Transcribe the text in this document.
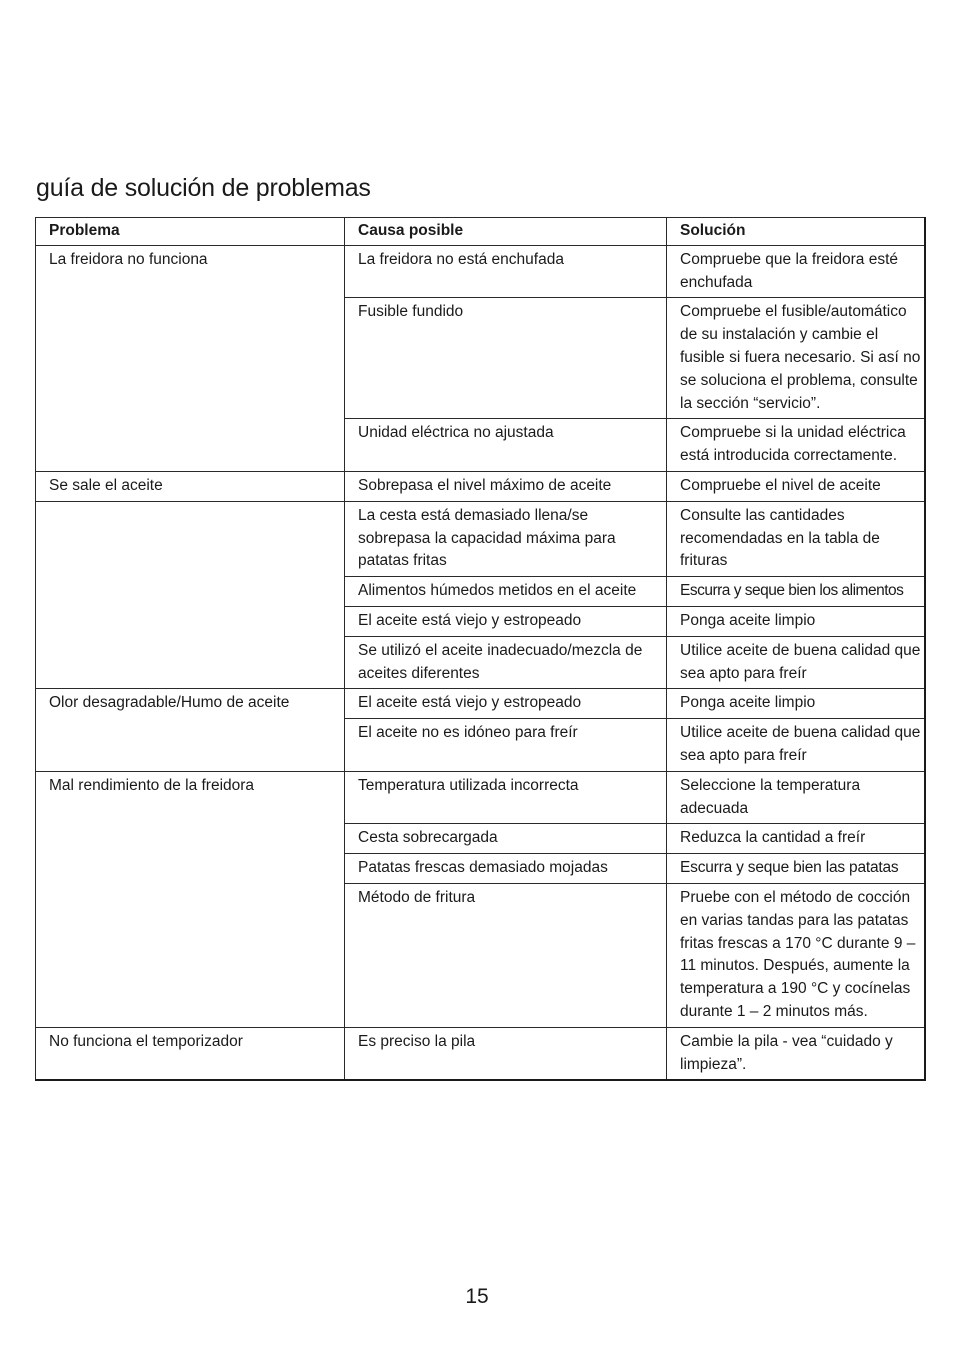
guía de solución de problemas
Problema	Causa posible	Solución
La freidora no funciona	La freidora no está enchufada	Compruebe que la freidora esté enchufada
	Fusible fundido	Compruebe el fusible/automático de su instalación y cambie el fusible si fuera necesario. Si así no se soluciona el problema, consulte la sección “servicio”.
	Unidad eléctrica no ajustada	Compruebe si la unidad eléctrica está introducida correctamente.
Se sale el aceite	Sobrepasa el nivel máximo de aceite	Compruebe el nivel de aceite
	La cesta está demasiado llena/se sobrepasa la capacidad máxima para patatas fritas	Consulte las cantidades recomendadas en la tabla de frituras
	Alimentos húmedos metidos en el aceite	Escurra y seque bien los alimentos
	El aceite está viejo y estropeado	Ponga aceite limpio
	Se utilizó el aceite inadecuado/mezcla de aceites diferentes	Utilice aceite de buena calidad que sea apto para freír
Olor desagradable/Humo de aceite	El aceite está viejo y estropeado	Ponga aceite limpio
	El aceite no es idóneo para freír	Utilice aceite de buena calidad que sea apto para freír
Mal rendimiento de la freidora	Temperatura utilizada incorrecta	Seleccione la temperatura adecuada
	Cesta sobrecargada	Reduzca la cantidad a freír
	Patatas frescas demasiado mojadas	Escurra y seque bien las patatas
	Método de fritura	Pruebe con el método de cocción en varias tandas para las patatas fritas frescas a 170 °C durante 9 – 11 minutos. Después, aumente la temperatura a 190 °C y cocínelas durante 1 – 2 minutos más.
No funciona el temporizador	Es preciso la pila	Cambie la pila - vea “cuidado y limpieza”.
15
